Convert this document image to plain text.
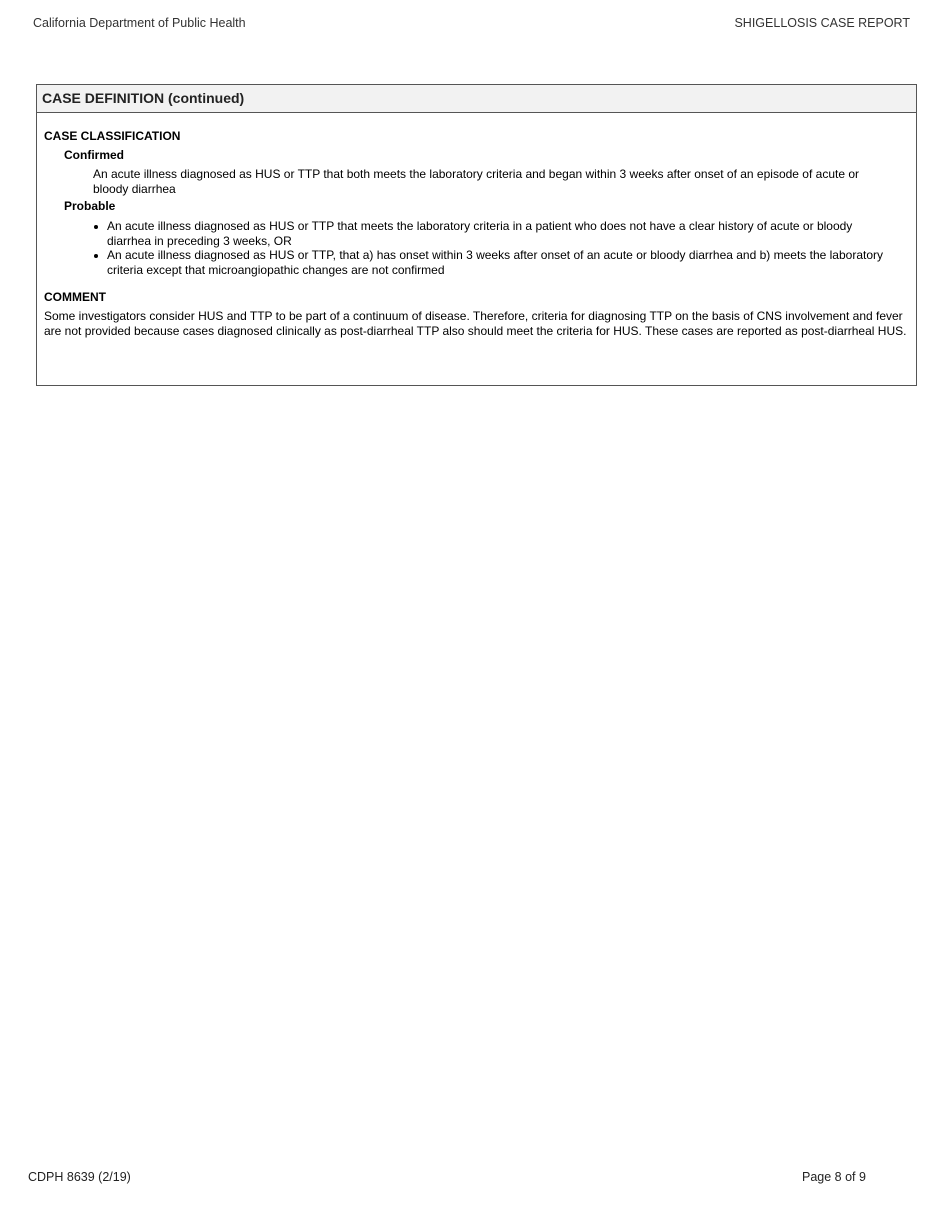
California Department of Public Health	SHIGELLOSIS CASE REPORT
CASE DEFINITION (continued)
CASE CLASSIFICATION
Confirmed
An acute illness diagnosed as HUS or TTP that both meets the laboratory criteria and began within 3 weeks after onset of an episode of acute or bloody diarrhea
Probable
An acute illness diagnosed as HUS or TTP that meets the laboratory criteria in a patient who does not have a clear history of acute or bloody diarrhea in preceding 3 weeks, OR
An acute illness diagnosed as HUS or TTP, that a) has onset within 3 weeks after onset of an acute or bloody diarrhea and b) meets the laboratory criteria except that microangiopathic changes are not confirmed
COMMENT
Some investigators consider HUS and TTP to be part of a continuum of disease. Therefore, criteria for diagnosing TTP on the basis of CNS involvement and fever are not provided because cases diagnosed clinically as post-diarrheal TTP also should meet the criteria for HUS. These cases are reported as post-diarrheal HUS.
CDPH 8639 (2/19)	Page 8 of 9
